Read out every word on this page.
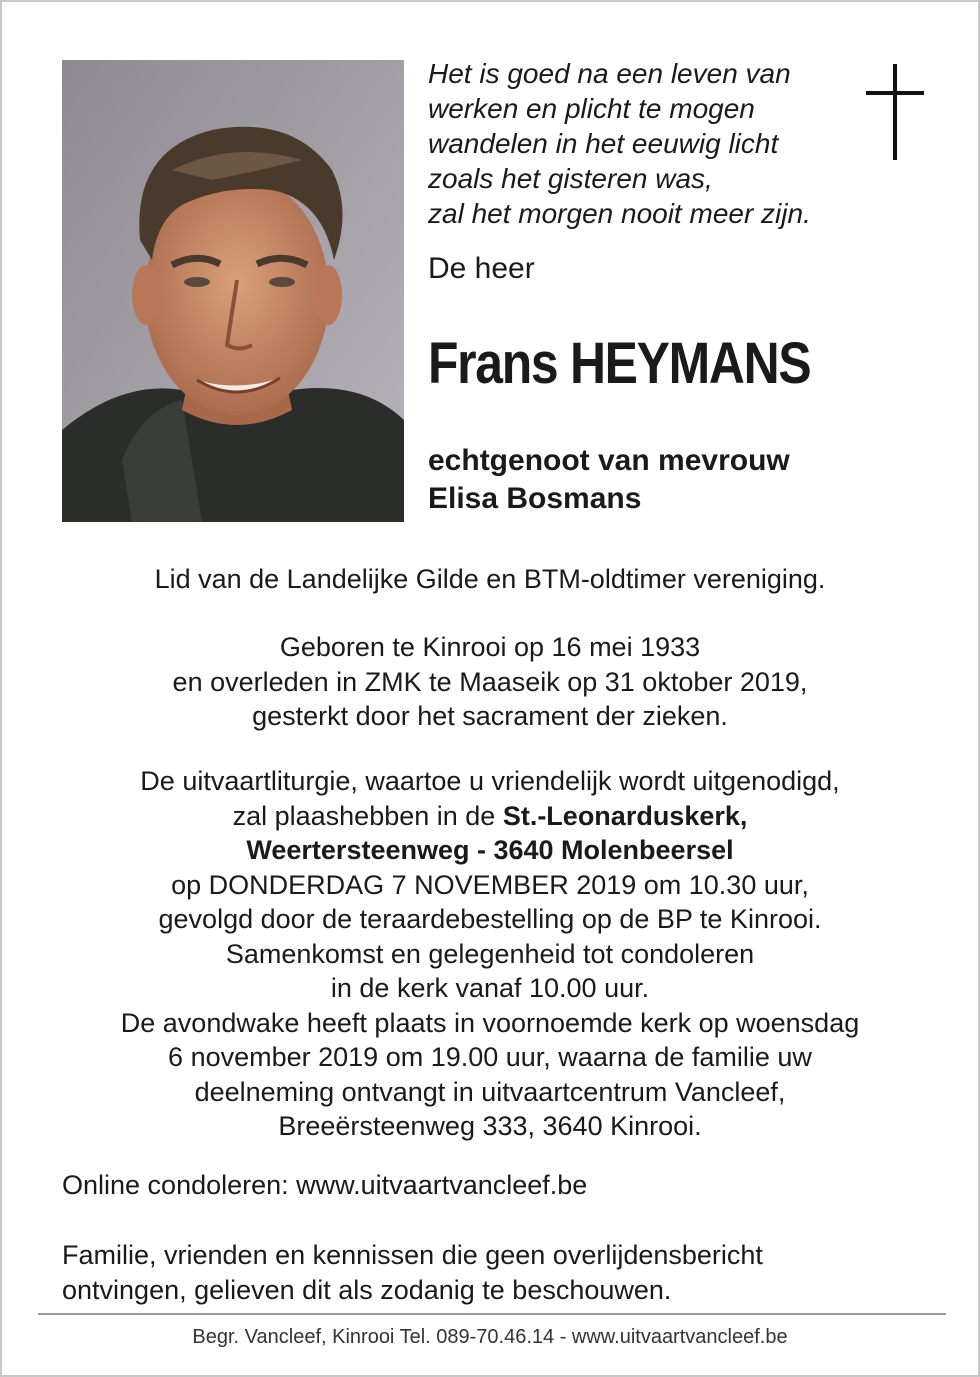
Het is goed na een leven van
werken en plicht te mogen
wandelen in het eeuwig licht
zoals het gisteren was,
zal het morgen nooit meer zijn.
De heer
Frans HEYMANS
echtgenoot van mevrouw
Elisa Bosmans
Lid van de Landelijke Gilde en BTM-oldtimer vereniging.
Geboren te Kinrooi op 16 mei 1933
en overleden in ZMK te Maaseik op 31 oktober 2019,
gesterkt door het sacrament der zieken.
De uitvaartliturgie, waartoe u vriendelijk wordt uitgenodigd,
zal plaashebben in de St.-Leonarduskerk,
Weertersteenweg - 3640 Molenbeersel
op DONDERDAG 7 NOVEMBER 2019 om 10.30 uur,
gevolgd door de teraardebestelling op de BP te Kinrooi.
Samenkomst en gelegenheid tot condoleren
in de kerk vanaf 10.00 uur.
De avondwake heeft plaats in voornoemde kerk op woensdag
6 november 2019 om 19.00 uur, waarna de familie uw
deelneming ontvangt in uitvaartcentrum Vancleef,
Breeërsteenweg 333, 3640 Kinrooi.
Online condoleren: www.uitvaartvancleef.be
Familie, vrienden en kennissen die geen overlijdensbericht
ontvingen, gelieven dit als zodanig te beschouwen.
Begr. Vancleef, Kinrooi Tel. 089-70.46.14 - www.uitvaartvancleef.be
